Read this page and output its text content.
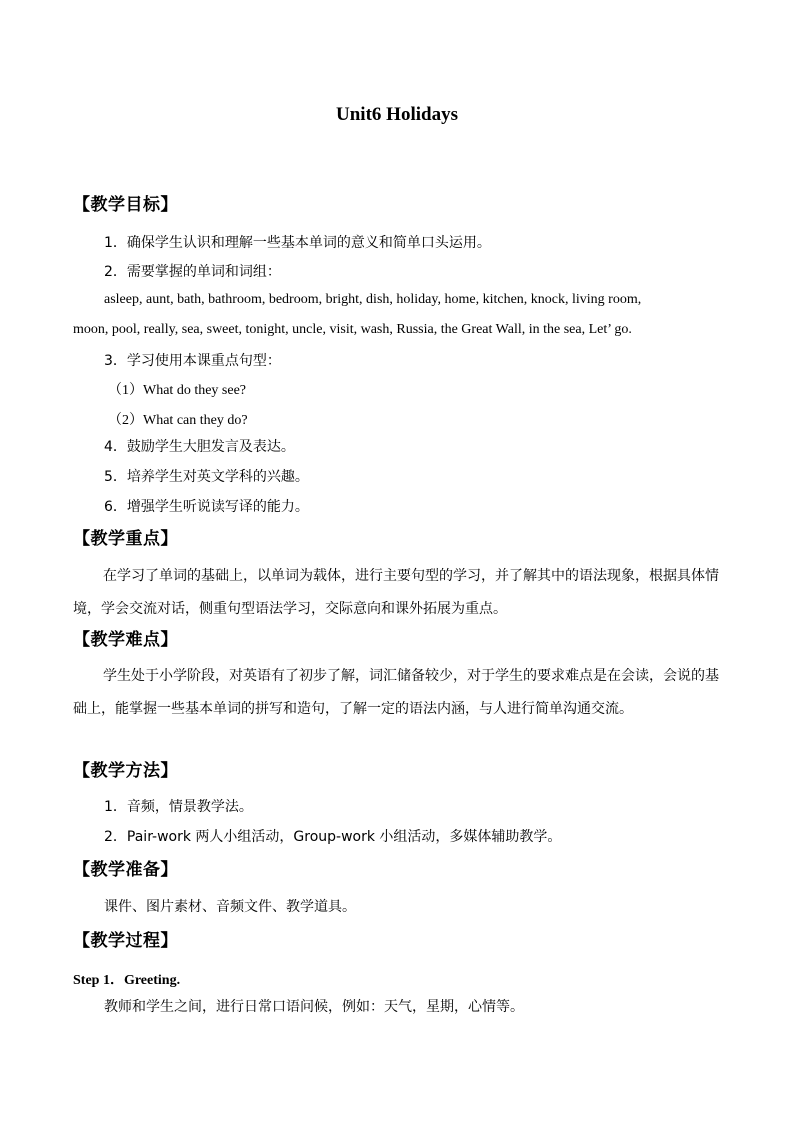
Unit6 Holidays
【教学目标】
1．确保学生认识和理解一些基本单词的意义和简单口头运用。
2．需要掌握的单词和词组：
asleep, aunt, bath, bathroom, bedroom, bright, dish, holiday, home, kitchen, knock, living room,
moon, pool, really, sea, sweet, tonight, uncle, visit, wash, Russia, the Great Wall, in the sea, Let’ go.
3．学习使用本课重点句型：
（1）What do they see?
（2）What can they do?
4．鼓励学生大胆发言及表达。
5．培养学生对英文学科的兴趣。
6．增强学生听说读写译的能力。
【教学重点】
在学习了单词的基础上，以单词为载体，进行主要句型的学习，并了解其中的语法现象，根据具体情境，学会交流对话，侧重句型语法学习，交际意向和课外拓展为重点。
【教学难点】
学生处于小学阶段，对英语有了初步了解，词汇储备较少，对于学生的要求难点是在会读，会说的基础上，能掌握一些基本单词的拼写和造句，了解一定的语法内涵，与人进行简单沟通交流。
【教学方法】
1．音频，情景教学法。
2．Pair-work 两人小组活动，Group-work 小组活动，多媒体辅助教学。
【教学准备】
课件、图片素材、音频文件、教学道具。
【教学过程】
Step 1．Greeting.
教师和学生之间，进行日常口语问候，例如：天气，星期，心情等。
